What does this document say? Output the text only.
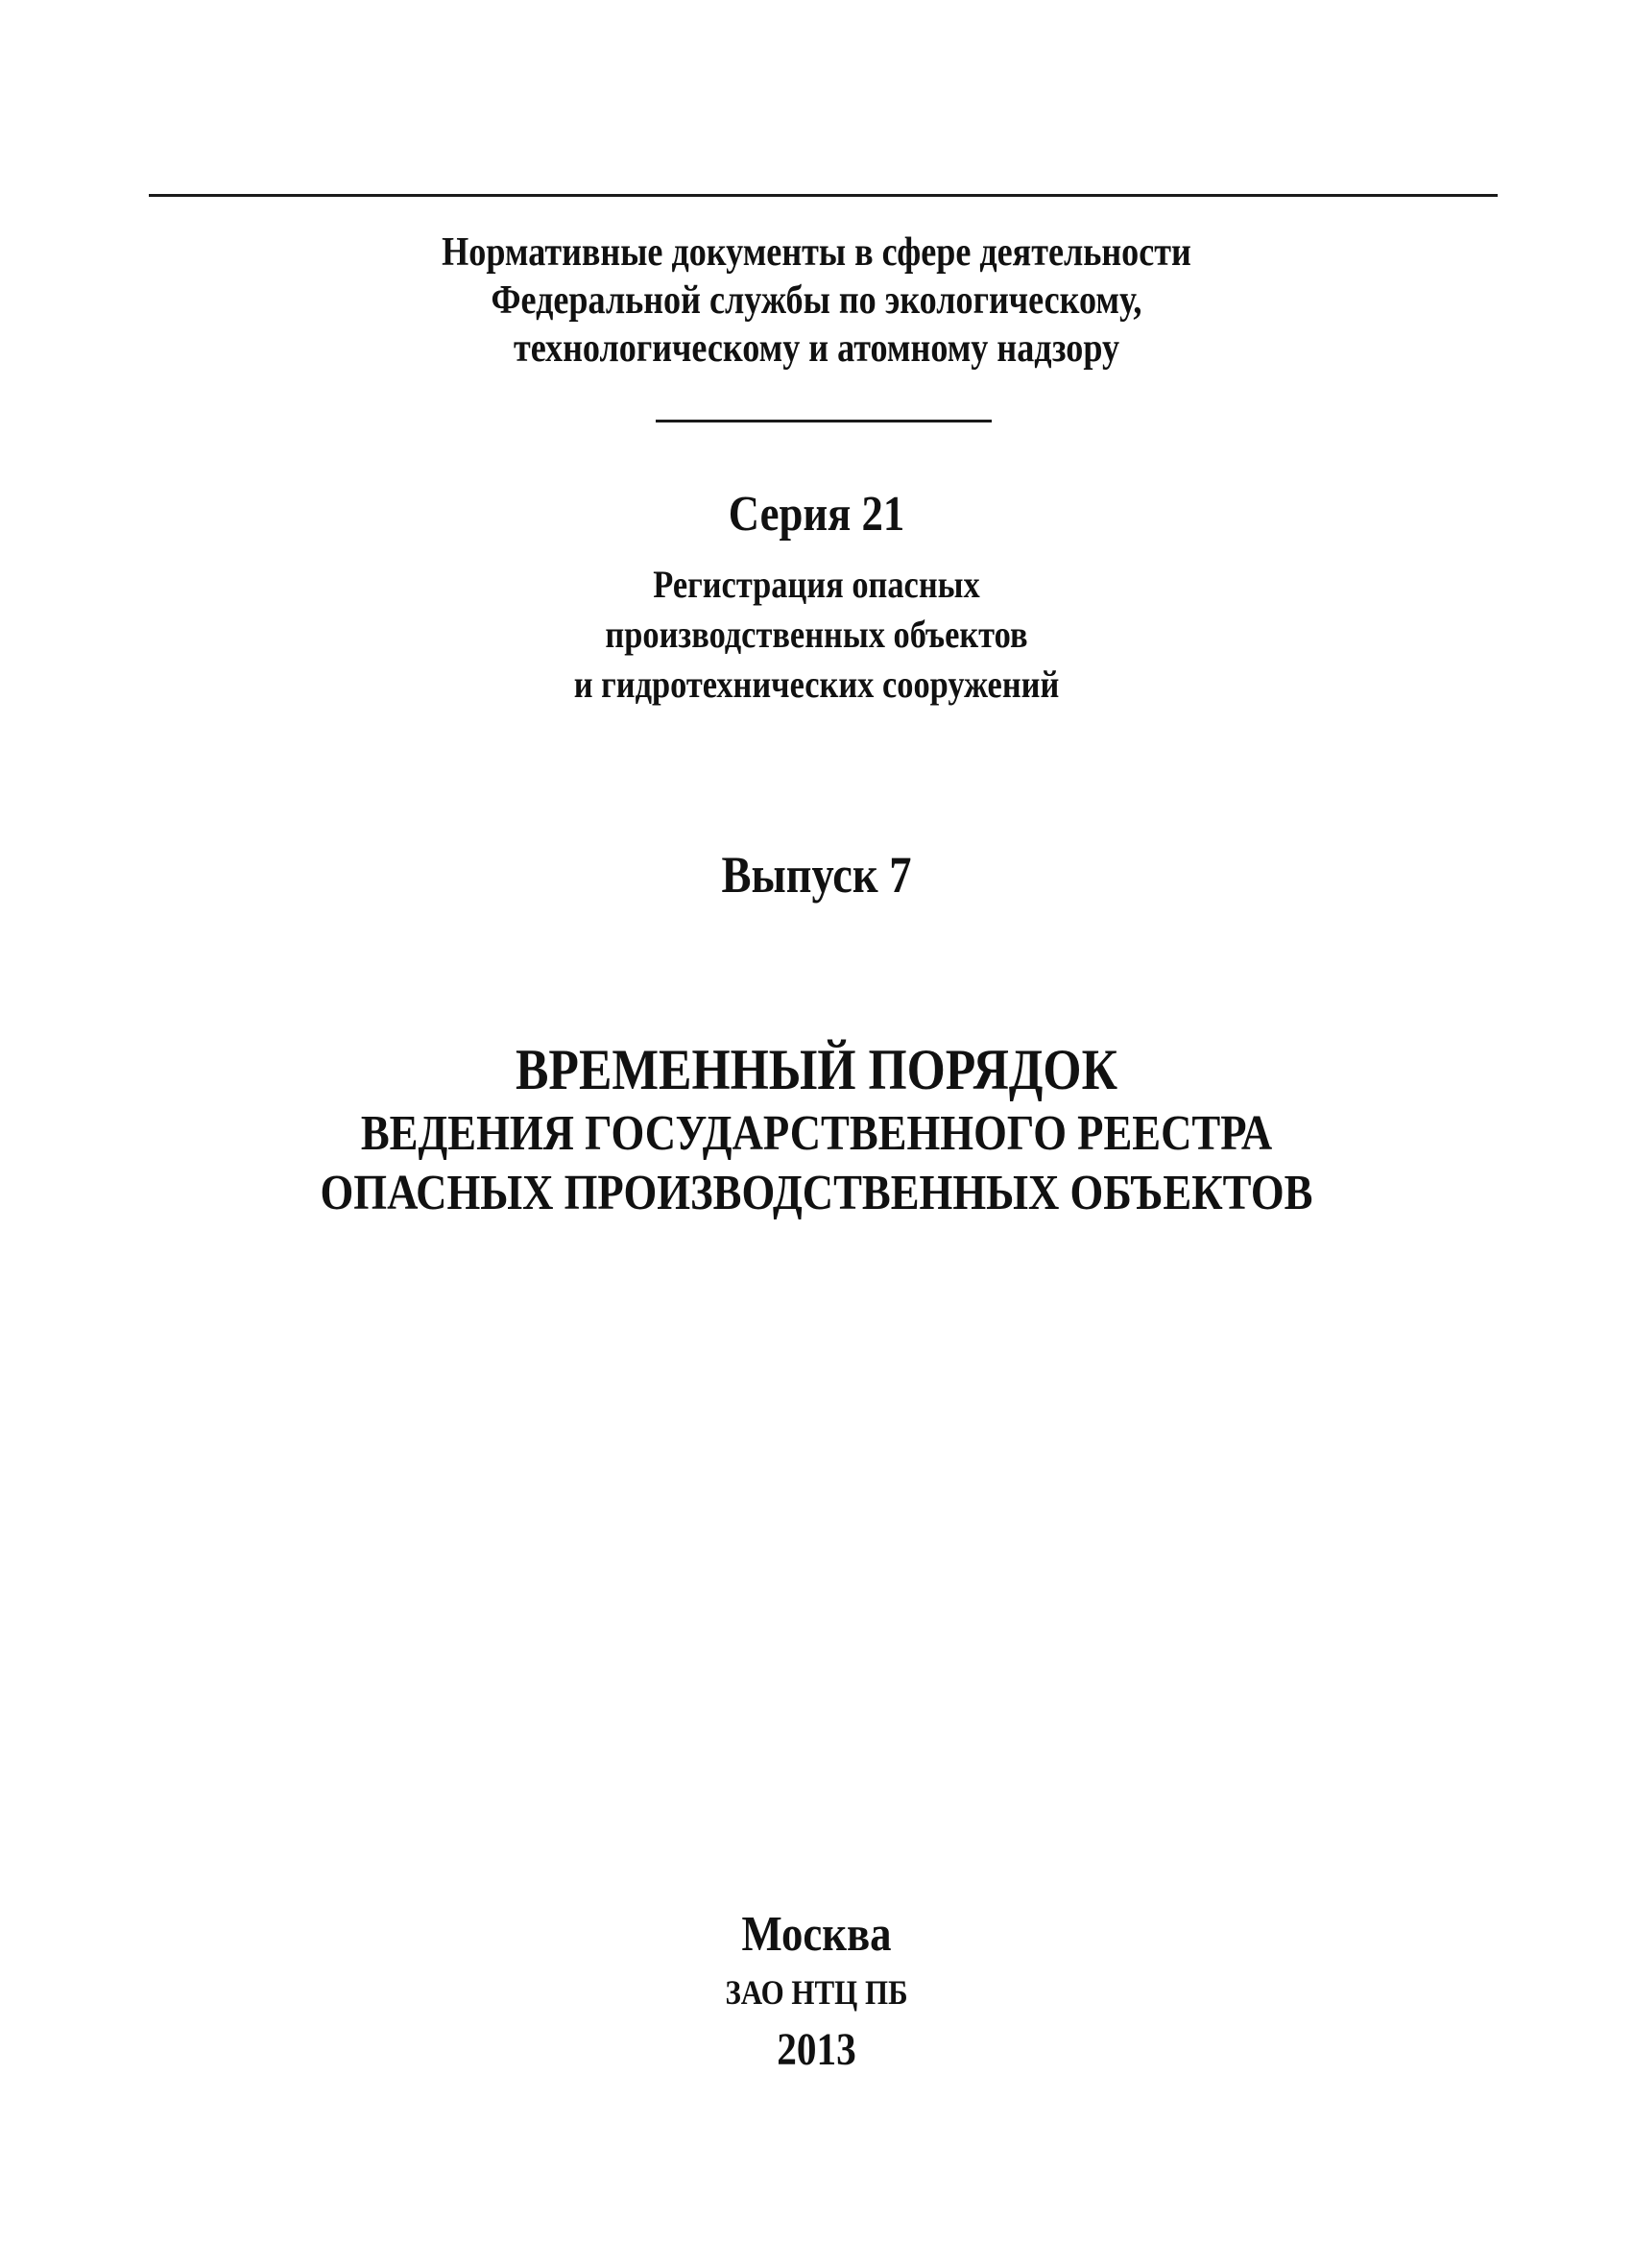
Нормативные документы в сфере деятельности
Федеральной службы по экологическому,
технологическому и атомному надзору
Серия 21
Регистрация опасных
производственных объектов
и гидротехнических сооружений
Выпуск 7
ВРЕМЕННЫЙ ПОРЯДОК
ВЕДЕНИЯ ГОСУДАРСТВЕННОГО РЕЕСТРА
ОПАСНЫХ ПРОИЗВОДСТВЕННЫХ ОБЪЕКТОВ
Москва
ЗАО НТЦ ПБ
2013
